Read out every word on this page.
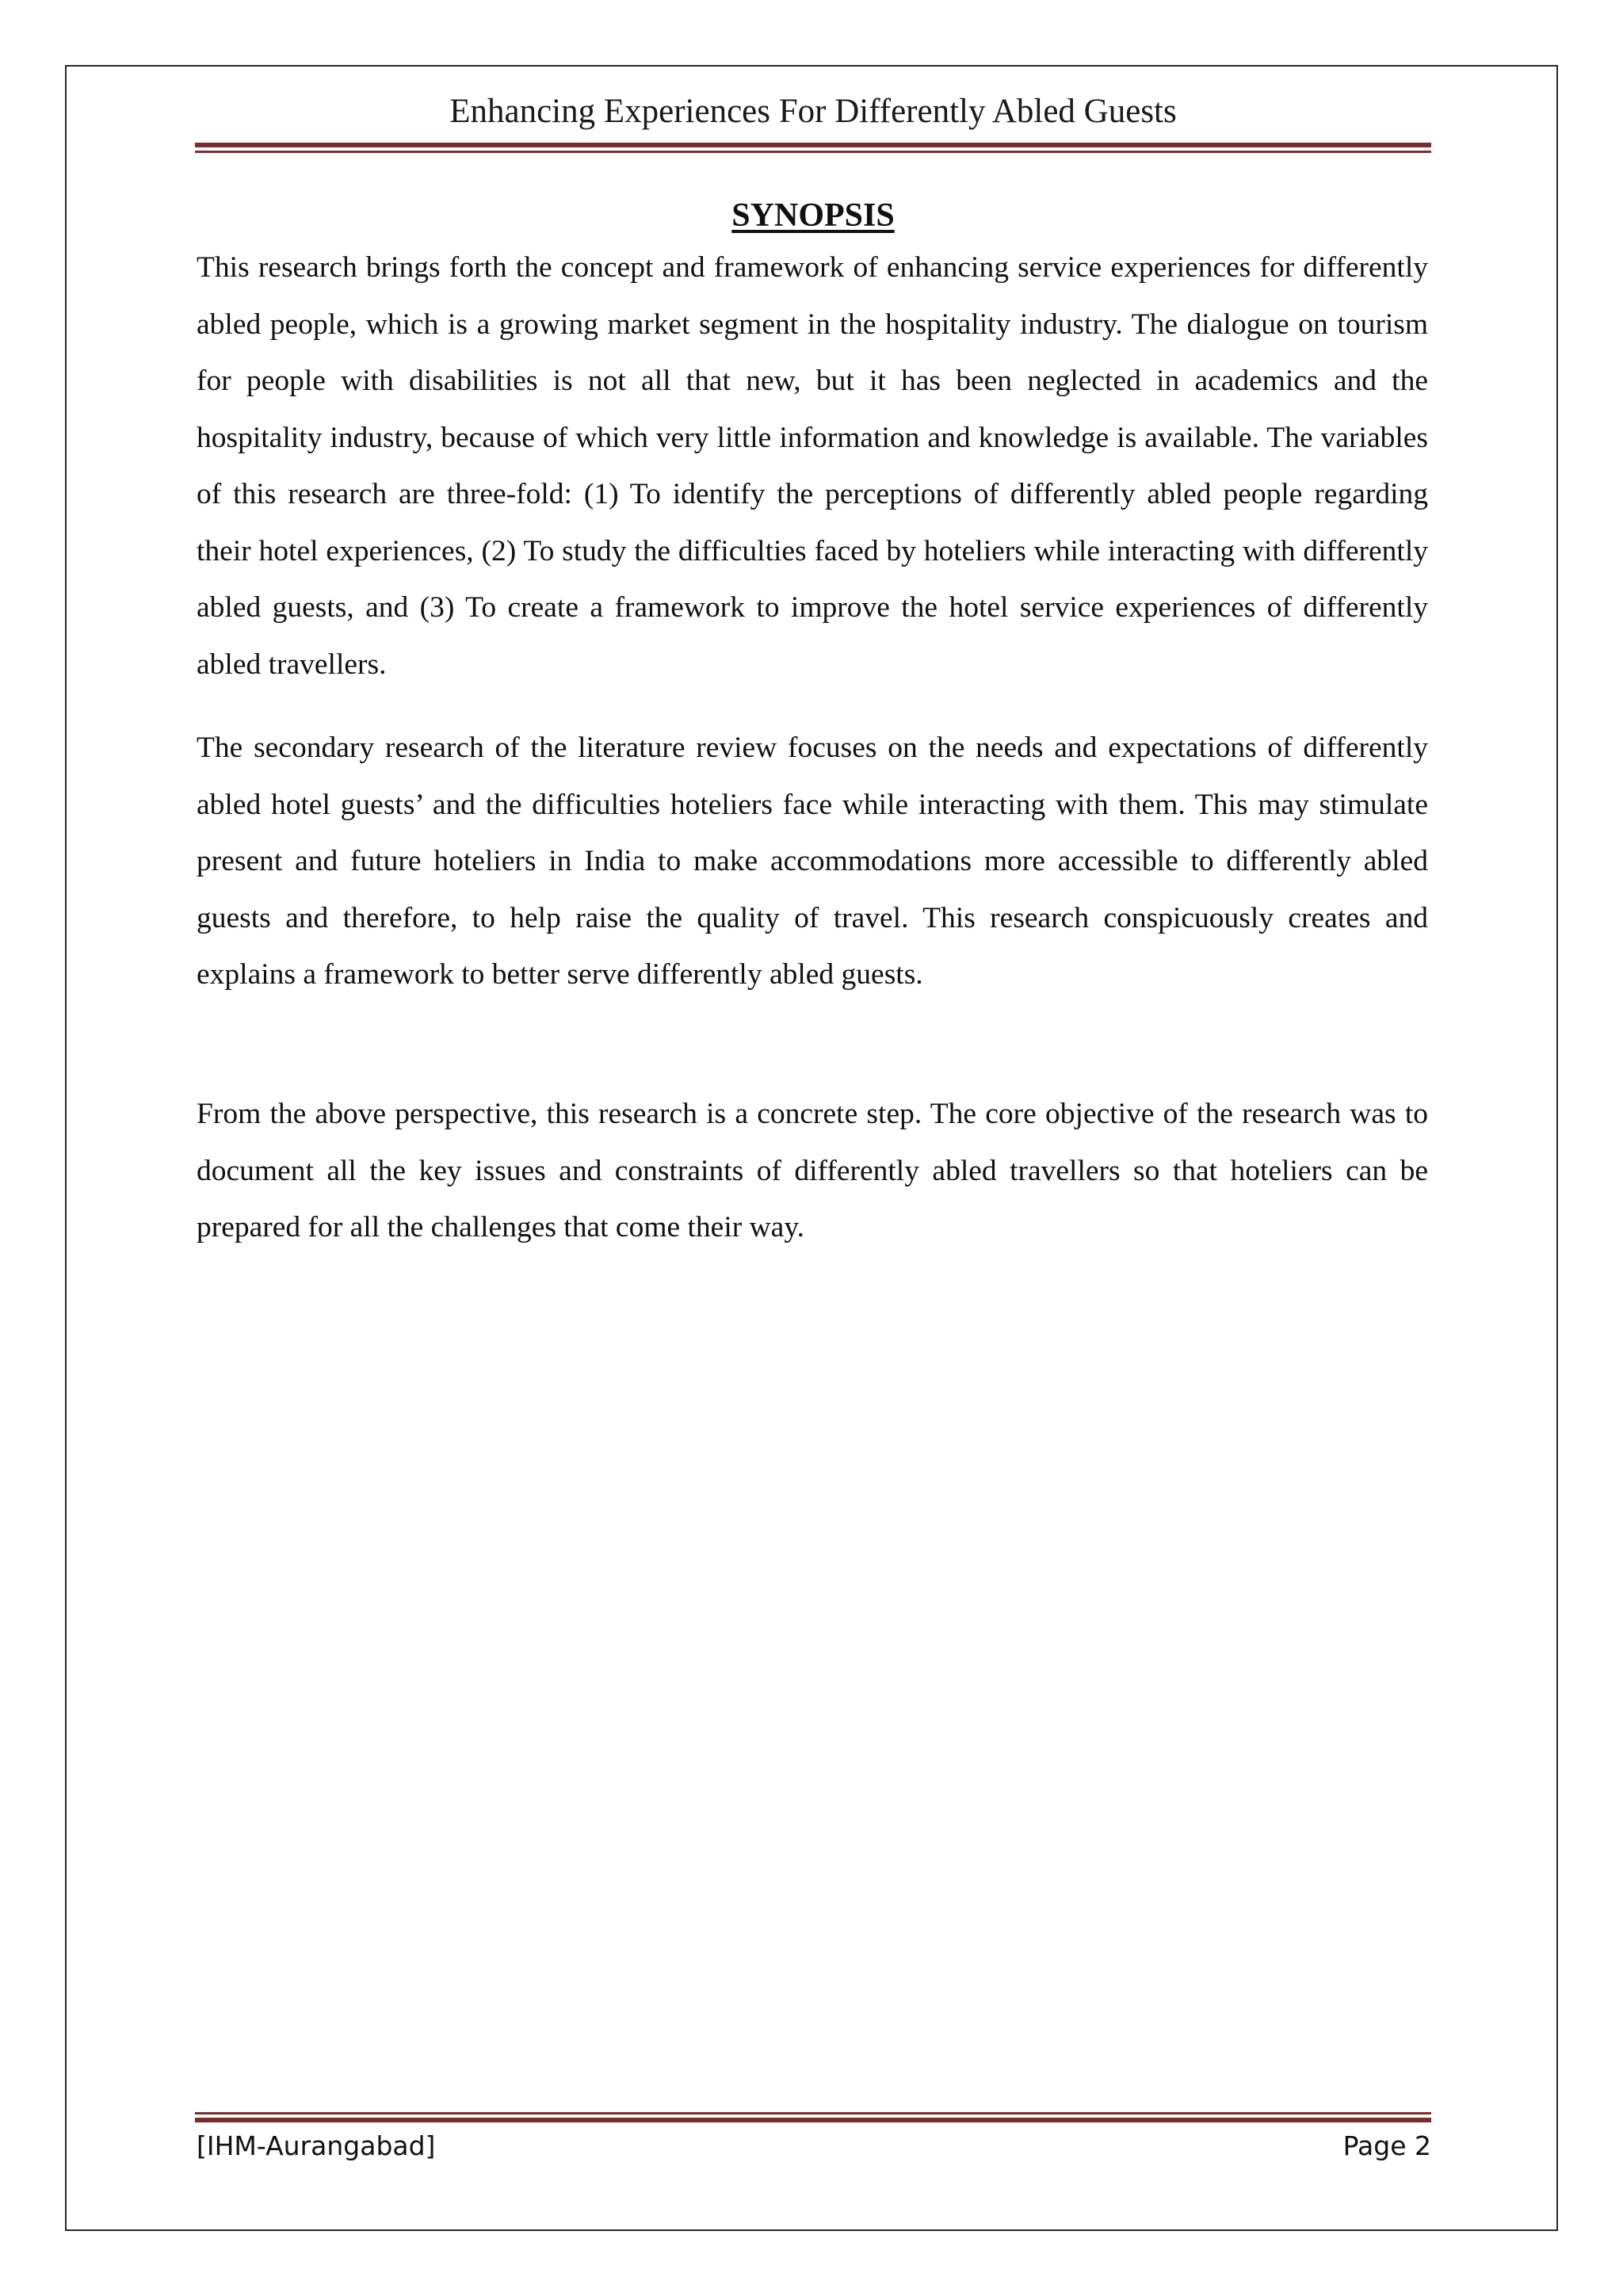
Enhancing Experiences For Differently Abled Guests
SYNOPSIS

This research brings forth the concept and framework of enhancing service experiences for differently abled people, which is a growing market segment in the hospitality industry. The dialogue on tourism for people with disabilities is not all that new, but it has been neglected in academics and the hospitality industry, because of which very little information and knowledge is available. The variables of this research are three-fold: (1) To identify the perceptions of differently abled people regarding their hotel experiences, (2) To study the difficulties faced by hoteliers while interacting with differently abled guests, and (3) To create a framework to improve the hotel service experiences of differently abled travellers.

The secondary research of the literature review focuses on the needs and expectations of differently abled hotel guests’ and the difficulties hoteliers face while interacting with them. This may stimulate present and future hoteliers in India to make accommodations more accessible to differently abled guests and therefore, to help raise the quality of travel. This research conspicuously creates and explains a framework to better serve differently abled guests.

From the above perspective, this research is a concrete step. The core objective of the research was to document all the key issues and constraints of differently abled travellers so that hoteliers can be prepared for all the challenges that come their way.

[IHM-Aurangabad]	Page 2
